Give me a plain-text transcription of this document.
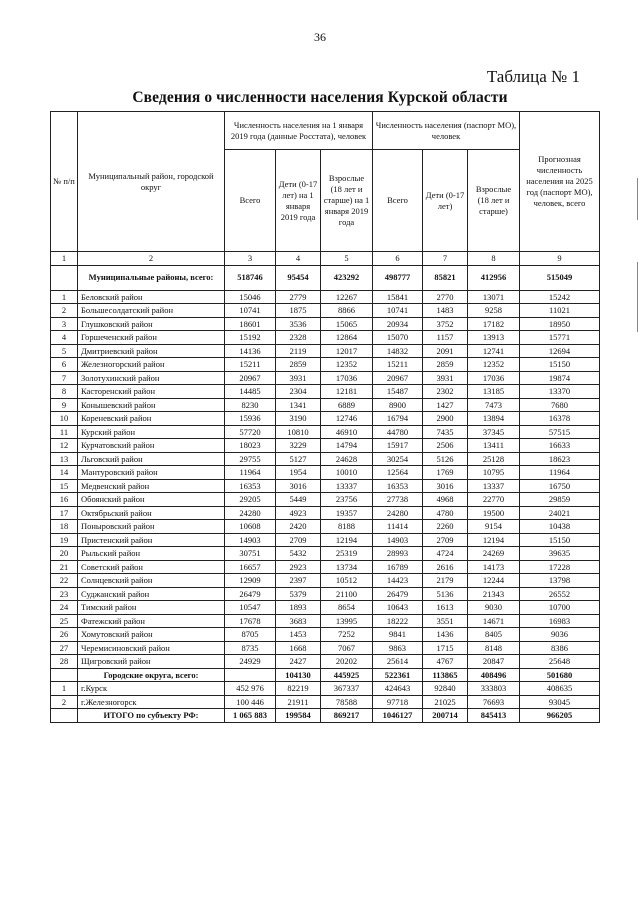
36
Таблица № 1
Сведения о численности населения Курской области
№ п/п	Муниципальный район, городской округ	Численность населения на 1 января 2019 года (данные Росстата), человек			Численность населения (паспорт МО), человек			Прогнозная численность населения на 2025 год (паспорт МО), человек, всего
		Всего	Дети (0-17 лет) на 1 января 2019 года	Взрослые (18 лет и старше) на 1 января 2019 года	Всего	Дети (0-17 лет)	Взрослые (18 лет и старше)	
1	2	3	4	5	6	7	8	9
	Муниципальные районы, всего:	518746	95454	423292	498777	85821	412956	515049
1	Беловский район	15046	2779	12267	15841	2770	13071	15242
2	Большесолдатский район	10741	1875	8866	10741	1483	9258	11021
3	Глушковский район	18601	3536	15065	20934	3752	17182	18950
4	Горшеченский район	15192	2328	12864	15070	1157	13913	15771
5	Дмитриевский район	14136	2119	12017	14832	2091	12741	12694
6	Железногорский район	15211	2859	12352	15211	2859	12352	15150
7	Золотухинский район	20967	3931	17036	20967	3931	17036	19874
8	Касторенский район	14485	2304	12181	15487	2302	13185	13370
9	Конышевский район	8230	1341	6889	8900	1427	7473	7680
10	Кореневский район	15936	3190	12746	16794	2900	13894	16378
11	Курский район	57720	10810	46910	44780	7435	37345	57515
12	Курчатовский район	18023	3229	14794	15917	2506	13411	16633
13	Льговский район	29755	5127	24628	30254	5126	25128	18623
14	Мантуровский район	11964	1954	10010	12564	1769	10795	11964
15	Медвенский район	16353	3016	13337	16353	3016	13337	16750
16	Обоянский район	29205	5449	23756	27738	4968	22770	29859
17	Октябрьский район	24280	4923	19357	24280	4780	19500	24021
18	Поныровский район	10608	2420	8188	11414	2260	9154	10438
19	Пристенский район	14903	2709	12194	14903	2709	12194	15150
20	Рыльский район	30751	5432	25319	28993	4724	24269	39635
21	Советский район	16657	2923	13734	16789	2616	14173	17228
22	Солнцевский район	12909	2397	10512	14423	2179	12244	13798
23	Суджанский район	26479	5379	21100	26479	5136	21343	26552
24	Тимский район	10547	1893	8654	10643	1613	9030	10700
25	Фатежский район	17678	3683	13995	18222	3551	14671	16983
26	Хомутовский район	8705	1453	7252	9841	1436	8405	9036
27	Черемисиновский район	8735	1668	7067	9863	1715	8148	8386
28	Щигровский район	24929	2427	20202	25614	4767	20847	25648
	Городские округа, всего:		104130	445925	522361	113865	408496	501680
1	г.Курск	452 976	82219	367337	424643	92840	333803	408635
2	г.Железногорск	100 446	21911	78588	97718	21025	76693	93045
	ИТОГО по субъекту РФ:	1 065 883	199584	869217	1046127	200714	845413	966205
